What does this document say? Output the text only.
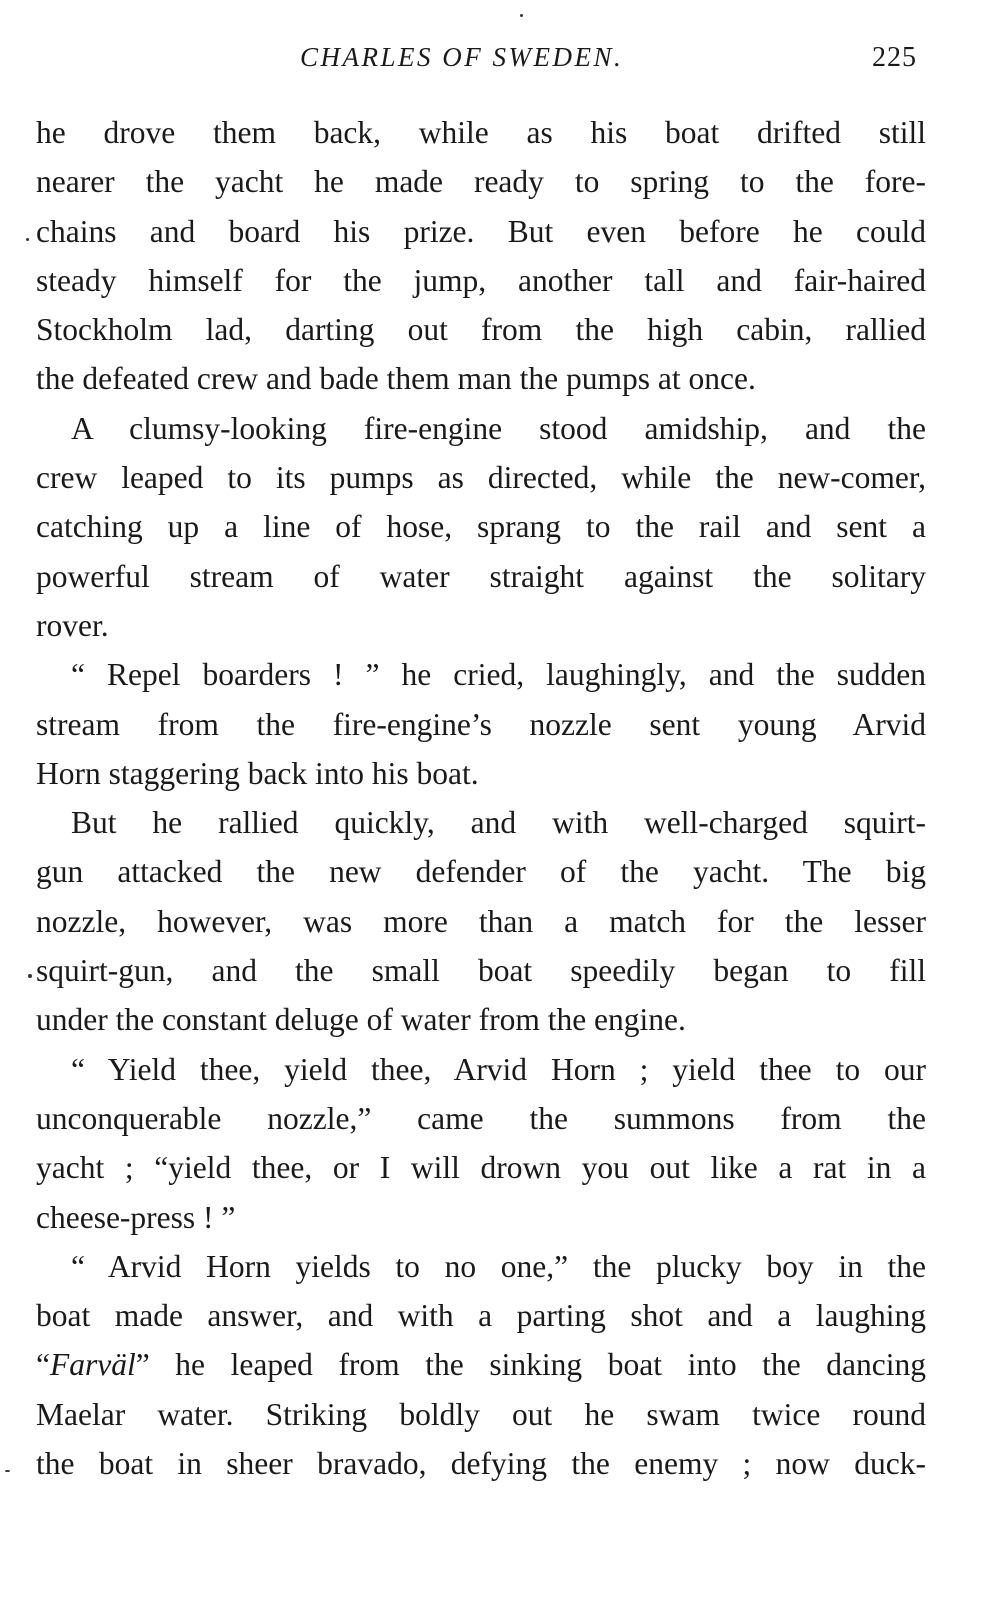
CHARLES OF SWEDEN.	225
he drove them back, while as his boat drifted still
nearer the yacht he made ready to spring to the fore-
chains and board his prize. But even before he could
steady himself for the jump, another tall and fair-haired
Stockholm lad, darting out from the high cabin, rallied
the defeated crew and bade them man the pumps at once.
A clumsy-looking fire-engine stood amidship, and the
crew leaped to its pumps as directed, while the new-comer,
catching up a line of hose, sprang to the rail and sent a
powerful stream of water straight against the solitary
rover.
“ Repel boarders ! ” he cried, laughingly, and the sudden
stream from the fire-engine’s nozzle sent young Arvid
Horn staggering back into his boat.
But he rallied quickly, and with well-charged squirt-
gun attacked the new defender of the yacht. The big
nozzle, however, was more than a match for the lesser
squirt-gun, and the small boat speedily began to fill
under the constant deluge of water from the engine.
“ Yield thee, yield thee, Arvid Horn ; yield thee to our
unconquerable nozzle,” came the summons from the
yacht ; “yield thee, or I will drown you out like a rat in a
cheese-press ! ”
“ Arvid Horn yields to no one,” the plucky boy in the
boat made answer, and with a parting shot and a laughing
“Farväl” he leaped from the sinking boat into the dancing
Maelar water. Striking boldly out he swam twice round
the boat in sheer bravado, defying the enemy ; now duck-
